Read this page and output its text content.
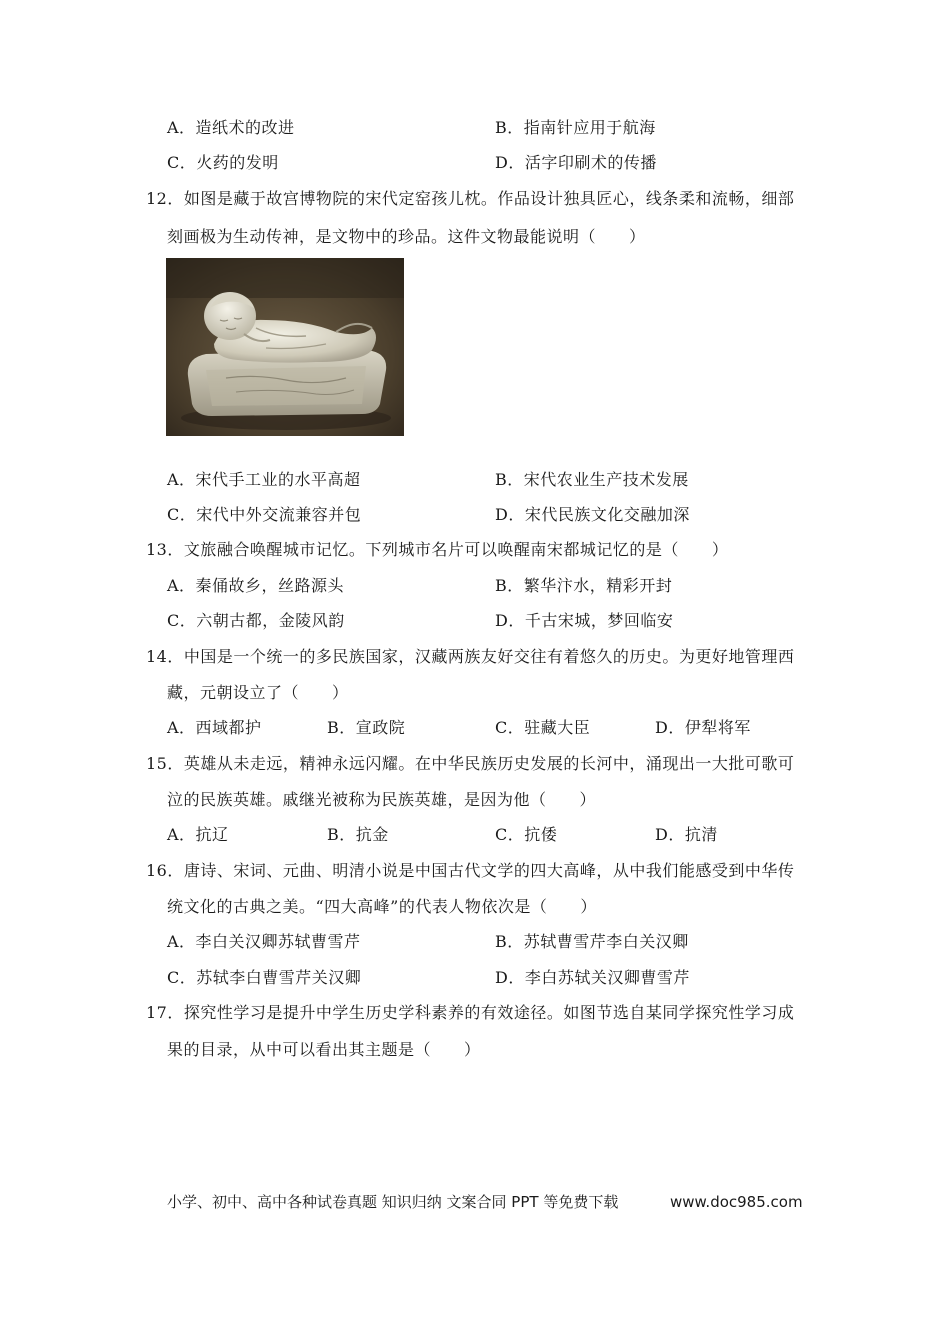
A．造纸术的改进	B．指南针应用于航海
C．火药的发明	D．活字印刷术的传播
12．如图是藏于故宫博物院的宋代定窑孩儿枕。作品设计独具匠心，线条柔和流畅，细部
刻画极为生动传神，是文物中的珍品。这件文物最能说明（　　）
A．宋代手工业的水平高超	B．宋代农业生产技术发展
C．宋代中外交流兼容并包	D．宋代民族文化交融加深
13．文旅融合唤醒城市记忆。下列城市名片可以唤醒南宋都城记忆的是（　　）
A．秦俑故乡，丝路源头	B．繁华汴水，精彩开封
C．六朝古都，金陵风韵	D．千古宋城，梦回临安
14．中国是一个统一的多民族国家，汉藏两族友好交往有着悠久的历史。为更好地管理西
藏，元朝设立了（　　）
A．西域都护	B．宣政院	C．驻藏大臣	D．伊犁将军
15．英雄从未走远，精神永远闪耀。在中华民族历史发展的长河中，涌现出一大批可歌可
泣的民族英雄。戚继光被称为民族英雄，是因为他（　　）
A．抗辽	B．抗金	C．抗倭	D．抗清
16．唐诗、宋词、元曲、明清小说是中国古代文学的四大高峰，从中我们能感受到中华传
统文化的古典之美。“四大高峰”的代表人物依次是（　　）
A．李白关汉卿苏轼曹雪芹	B．苏轼曹雪芹李白关汉卿
C．苏轼李白曹雪芹关汉卿	D．李白苏轼关汉卿曹雪芹
17．探究性学习是提升中学生历史学科素养的有效途径。如图节选自某同学探究性学习成
果的目录，从中可以看出其主题是（　　）
小学、初中、高中各种试卷真题 知识归纳 文案合同 PPT 等免费下载	www.doc985.com
